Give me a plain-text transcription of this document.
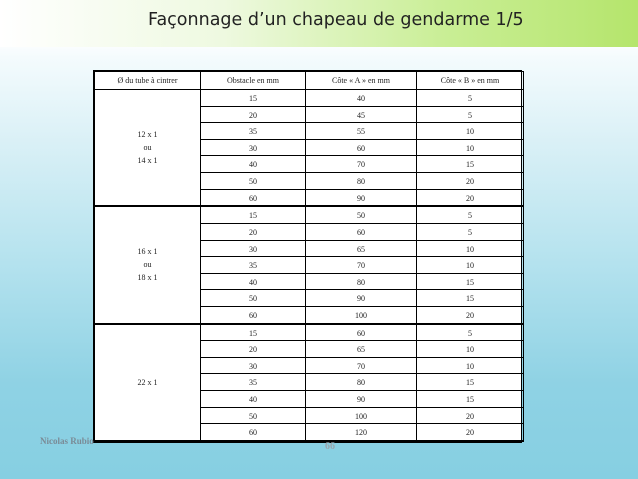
Façonnage d’un chapeau de gendarme 1/5
Ø du tube à cintrer	Obstacle en mm	Côte « A » en mm	Côte « B » en mm

12 x 1
ou
14 x 1	15	40	5
	20	45	5
	35	55	10
	30	60	10
	40	70	15
	50	80	20
	60	90	20

16 x 1
ou
18 x 1	15	50	5
	20	60	5
	30	65	10
	35	70	10
	40	80	15
	50	90	15
	60	100	20

22 x 1	15	60	5
	20	65	10
	30	70	10
	35	80	15
	40	90	15
	50	100	20
	60	120	20
Nicolas Rubio	66
